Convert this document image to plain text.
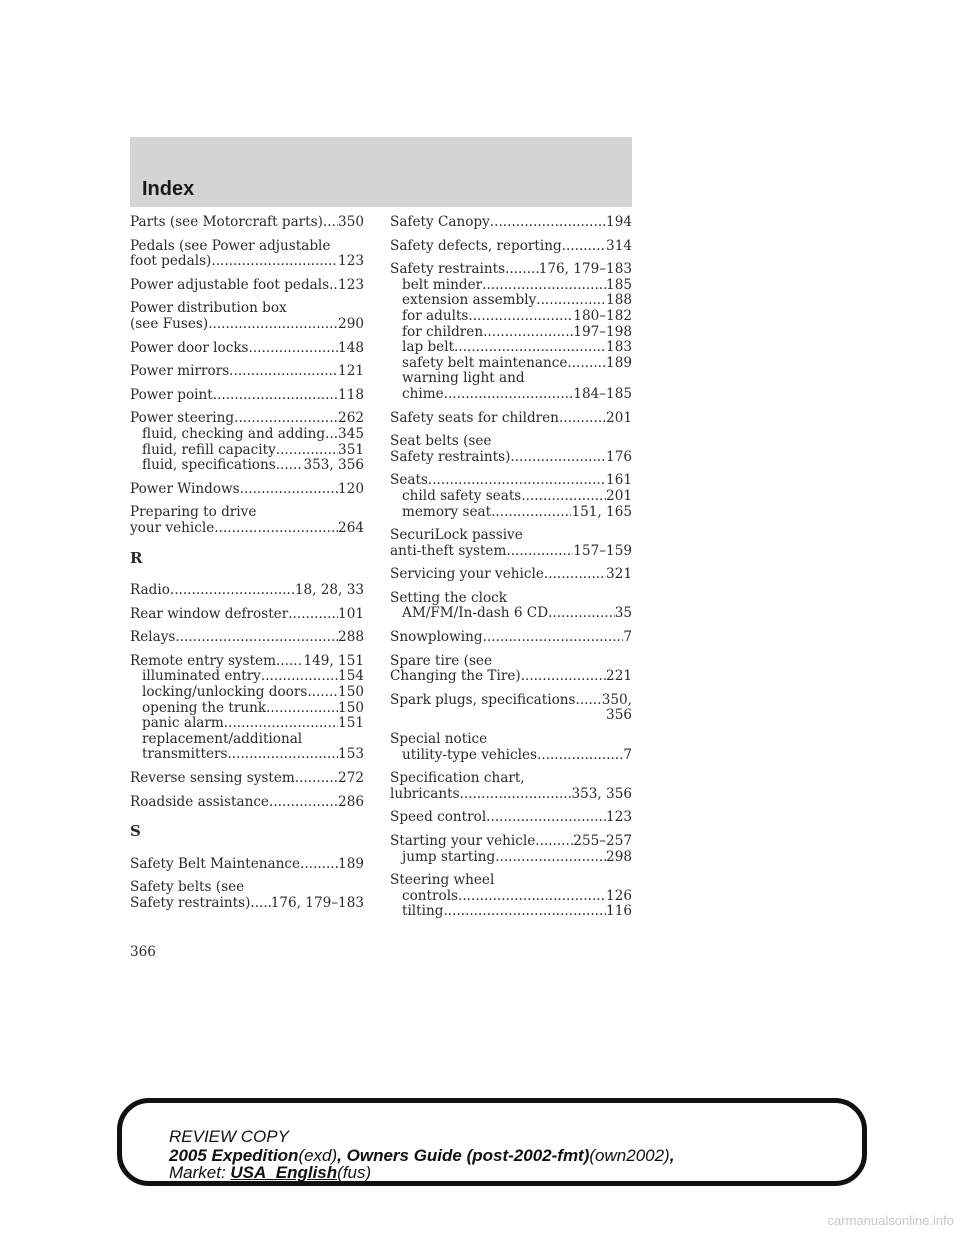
Index
Parts (see Motorcraft parts) ..... 350
Pedals (see Power adjustable
foot pedals) .....	123
Power adjustable foot pedals ..... 123
Power distribution box
(see Fuses) .....	290
Power door locks .....	148
Power mirrors .....	121
Power point .....	118
Power steering .....	262
fluid, checking and adding ..... 345
fluid, refill capacity .....	351
fluid, specifications ..... 353, 356
Power Windows .....	120
Preparing to drive
your vehicle .....	264
R
Radio .....	18, 28, 33
Rear window defroster .....	101
Relays .....	288
Remote entry system ..... 149, 151
illuminated entry .....	154
locking/unlocking doors ..... 150
opening the trunk .....	150
panic alarm .....	151
replacement/additional
transmitters .....	153
Reverse sensing system .....	272
Roadside assistance .....	286
S
Safety Belt Maintenance .....	189
Safety belts (see
Safety restraints) ..... 176, 179–183
Safety Canopy .....	194
Safety defects, reporting .....	314
Safety restraints ..... 176, 179–183
belt minder .....	185
extension assembly .....	188
for adults .....	180–182
for children .....	197–198
lap belt .....	183
safety belt maintenance .....	189
warning light and
chime .....	184–185
Safety seats for children .....	201
Seat belts (see
Safety restraints) .....	176
Seats .....	161
child safety seats .....	201
memory seat .....	151, 165
SecuriLock passive
anti-theft system .....	157–159
Servicing your vehicle .....	321
Setting the clock
AM/FM/In-dash 6 CD .....	35
Snowplowing .....	7
Spare tire (see
Changing the Tire) .....	221
Spark plugs, specifications ..... 350,
356
Special notice
utility-type vehicles .....	7
Specification chart,
lubricants .....	353, 356
Speed control .....	123
Starting your vehicle .....	255–257
jump starting .....	298
Steering wheel
controls .....	126
tilting .....	116
366
REVIEW COPY
2005 Expedition(exd), Owners Guide (post-2002-fmt)(own2002),
Market: USA_English(fus)
carmanualsonline.info
